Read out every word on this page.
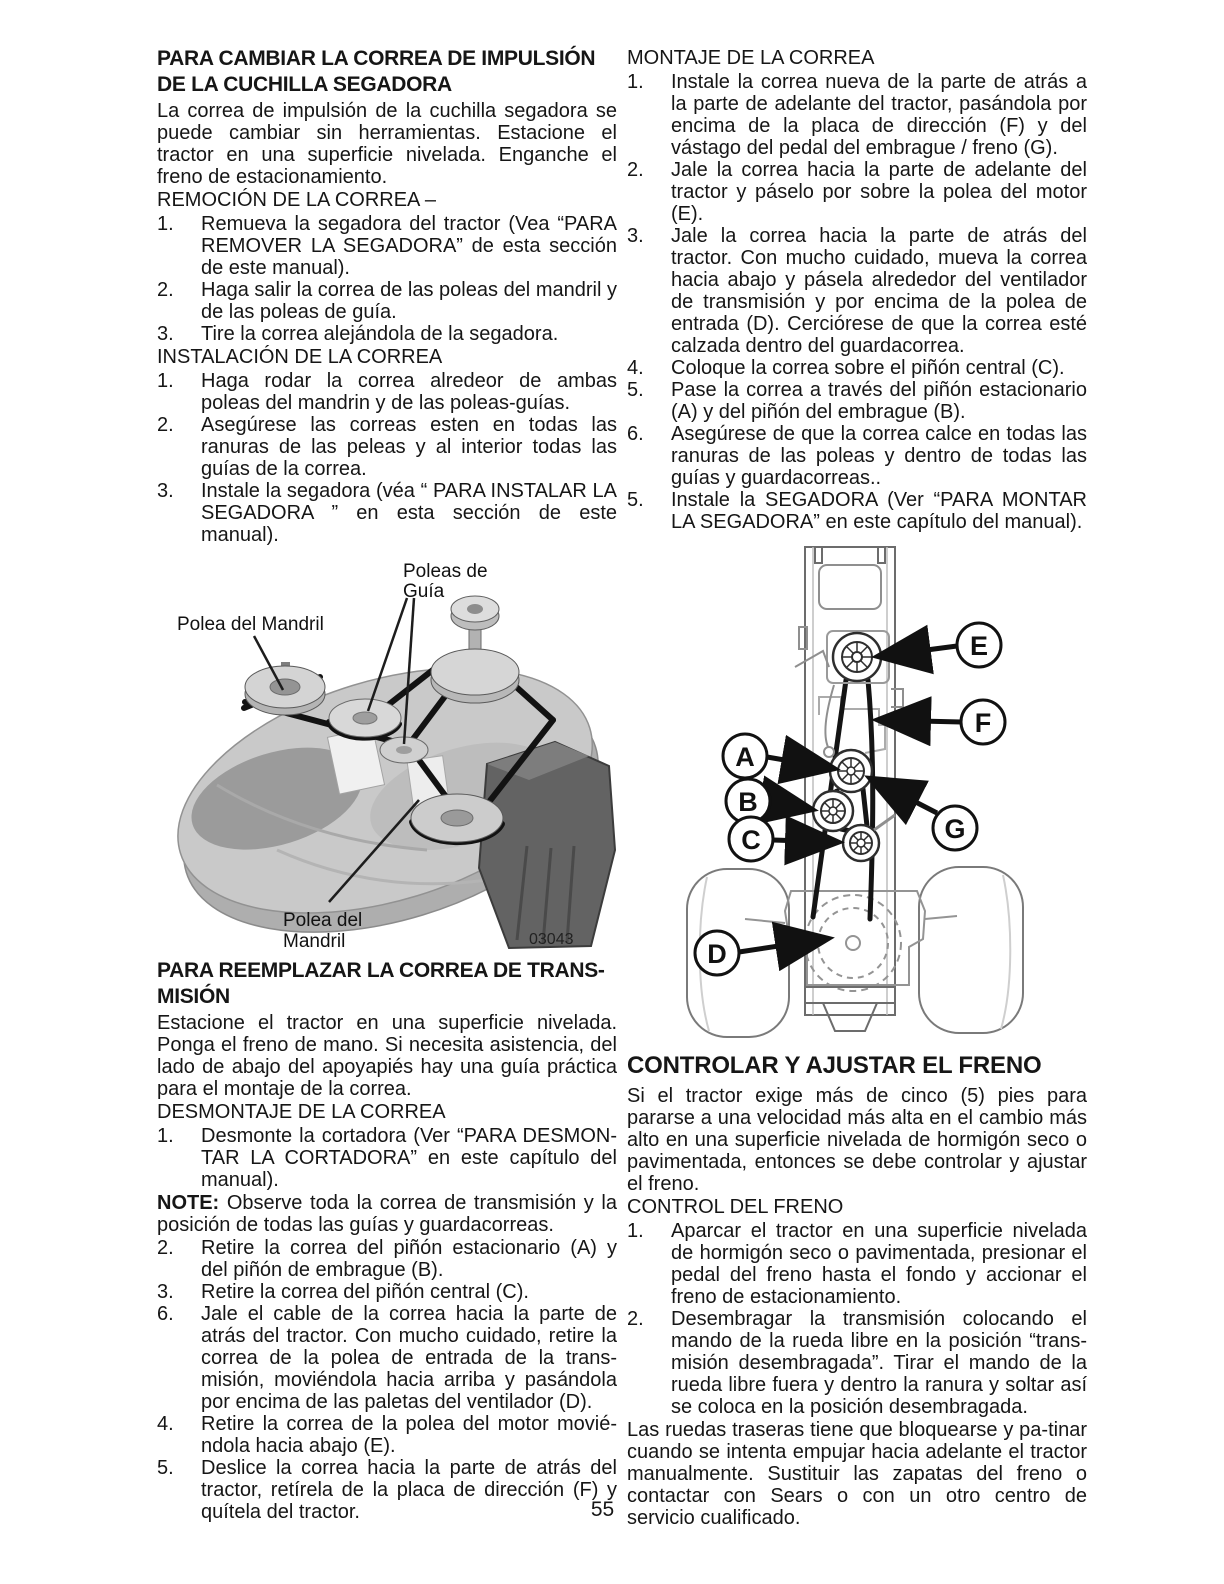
PARA CAMBIAR LA CORREA DE IMPULSIÓN DE LA CUCHILLA SEGADORA

La correa de impulsión de la cuchilla segadora se puede cambiar sin herramientas. Estacione el tractor en una superficie nivelada. Enganche el freno de estacionamiento.

REMOCIÓN DE LA CORREA –
1.	Remueva la segadora del tractor (Vea “PARA REMOVER LA SEGADORA” de esta sección de este manual).
2.	Haga salir la correa de las poleas del mandril y de las poleas de guía.
3.	Tire la correa alejándola de la segadora.
INSTALACIÓN DE LA CORREA
1.	Haga rodar la correa alredeor de ambas poleas del mandrin y de las poleas-guías.
2.	Asegúrese las correas esten en todas las ranuras de las peleas y al interior todas las guías de la correa.
3.	Instale la segadora (véa “ PARA INSTALAR LA SEGADORA ” en esta sección de este manual).
Poleas de
Guía
Polea del Mandril
Polea del
Mandril	03043
PARA REEMPLAZAR LA CORREA DE TRANS-MISIÓN

Estacione el tractor en una superficie nivelada. Ponga el freno de mano. Si necesita asistencia, del lado de abajo del apoyapiés hay una guía práctica para el montaje de la correa.

DESMONTAJE DE LA CORREA
1.	Desmonte la cortadora (Ver “PARA DESMON-TAR LA CORTADORA” en este capítulo del manual).

NOTE: Observe toda la correa de transmisión y la posición de todas las guías y guardacorreas.

2.	Retire la correa del piñón estacionario (A) y del piñón de embrague (B).
3.	Retire la correa del piñón central (C).
6.	Jale el cable de la correa hacia la parte de atrás del tractor. Con mucho cuidado, retire la correa de la polea de entrada de la trans-misión, moviéndola hacia arriba y pasándola por encima de las paletas del ventilador (D).
4.	Retire la correa de la polea del motor movié-ndola hacia abajo (E).
5.	Deslice la correa hacia la parte de atrás del tractor, retírela de la placa de dirección (F) y quítela del tractor.
MONTAJE DE LA CORREA
1.	Instale la correa nueva de la parte de atrás a la parte de adelante del tractor, pasándola por encima de la placa de dirección (F) y del vástago del pedal del embrague / freno (G).
2.	Jale la correa hacia la parte de adelante del tractor y páselo por sobre la polea del motor (E).
3.	Jale la correa hacia la parte de atrás del tractor. Con mucho cuidado, mueva la correa hacia abajo y pásela alrededor del ventilador de transmisión y por encima de la polea de entrada (D). Cerciórese de que la correa esté calzada dentro del guardacorrea.
4.	Coloque la correa sobre el piñón central (C).
5.	Pase la correa a través del piñón estacionario (A) y del piñón del embrague (B).
6.	Asegúrese de que la correa calce en todas las ranuras de las poleas y dentro de todas las guías y guardacorreas..
5.	Instale la SEGADORA (Ver “PARA MONTAR LA SEGADORA” en este capítulo del manual).
E
F
A
B
C	G
D
CONTROLAR Y AJUSTAR EL FRENO

Si el tractor exige más de cinco (5) pies para pararse a una velocidad más alta en el cambio más alto en una superficie nivelada de hormigón seco o pavimentada, entonces se debe controlar y ajustar el freno.

CONTROL DEL FRENO
1.	Aparcar el tractor en una superficie nivelada de hormigón seco o pavimentada, presionar el pedal del freno hasta el fondo y accionar el freno de estacionamiento.
2.	Desembragar la transmisión colocando el mando de la rueda libre en la posición “trans-misión desembragada”. Tirar el mando de la rueda libre fuera y dentro la ranura y soltar así se coloca en la posición desembragada.

Las ruedas traseras tiene que bloquearse y pa-tinar cuando se intenta empujar hacia adelante el tractor manualmente. Sustituir las zapatas del freno o contactar con Sears o con un otro centro de servicio cualificado.

55
